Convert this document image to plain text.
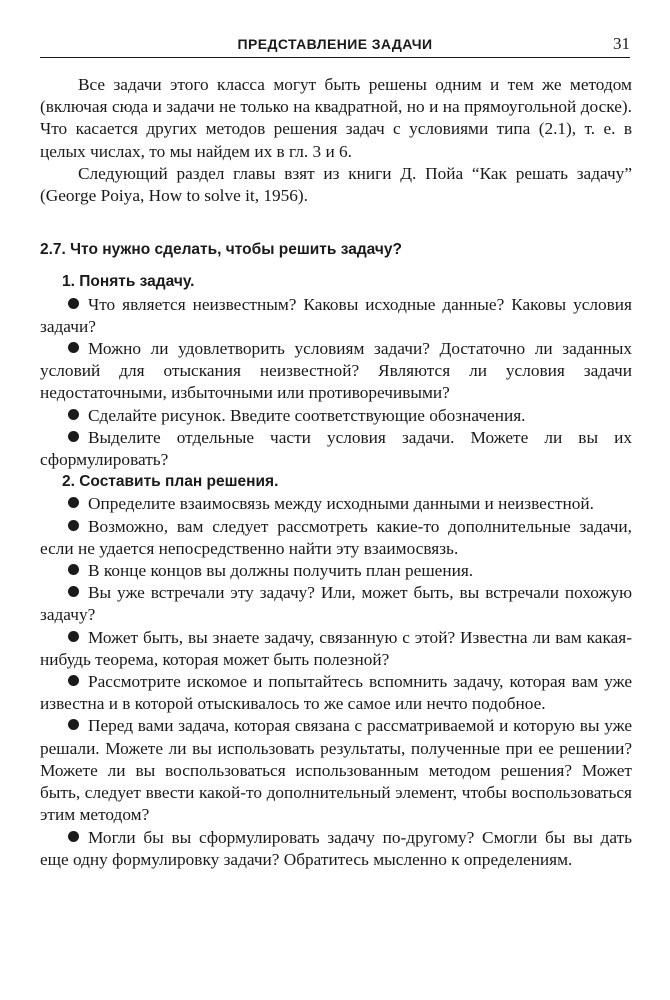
ПРЕДСТАВЛЕНИЕ ЗАДАЧИ	31

Все задачи этого класса могут быть решены одним и тем же методом (включая сюда и задачи не только на квадратной, но и на прямоугольной доске). Что касается других методов решения задач с условиями типа (2.1), т. е. в целых числах, то мы найдем их в гл. 3 и 6.

Следующий раздел главы взят из книги Д. Пойа “Как решать задачу” (George Poiya, How to solve it, 1956).

2.7. Что нужно сделать, чтобы решить задачу?

1. Понять задачу.

Что является неизвестным? Каковы исходные данные? Каковы условия задачи?

Можно ли удовлетворить условиям задачи? Достаточно ли заданных условий для отыскания неизвестной? Являются ли условия задачи недостаточными, избыточными или противоречивыми?

Сделайте рисунок. Введите соответствующие обозначения.

Выделите отдельные части условия задачи. Можете ли вы их сформулировать?

2. Составить план решения.

Определите взаимосвязь между исходными данными и неизвестной.

Возможно, вам следует рассмотреть какие-то дополнительные задачи, если не удается непосредственно найти эту взаимосвязь.

В конце концов вы должны получить план решения.

Вы уже встречали эту задачу? Или, может быть, вы встречали похожую задачу?

Может быть, вы знаете задачу, связанную с этой? Известна ли вам какая-нибудь теорема, которая может быть полезной?

Рассмотрите искомое и попытайтесь вспомнить задачу, которая вам уже известна и в которой отыскивалось то же самое или нечто подобное.

Перед вами задача, которая связана с рассматриваемой и которую вы уже решали. Можете ли вы использовать результаты, полученные при ее решении? Можете ли вы воспользоваться использованным методом решения? Может быть, следует ввести какой-то дополнительный элемент, чтобы воспользоваться этим методом?

Могли бы вы сформулировать задачу по-другому? Смогли бы вы дать еще одну формулировку задачи? Обратитесь мысленно к определениям.
